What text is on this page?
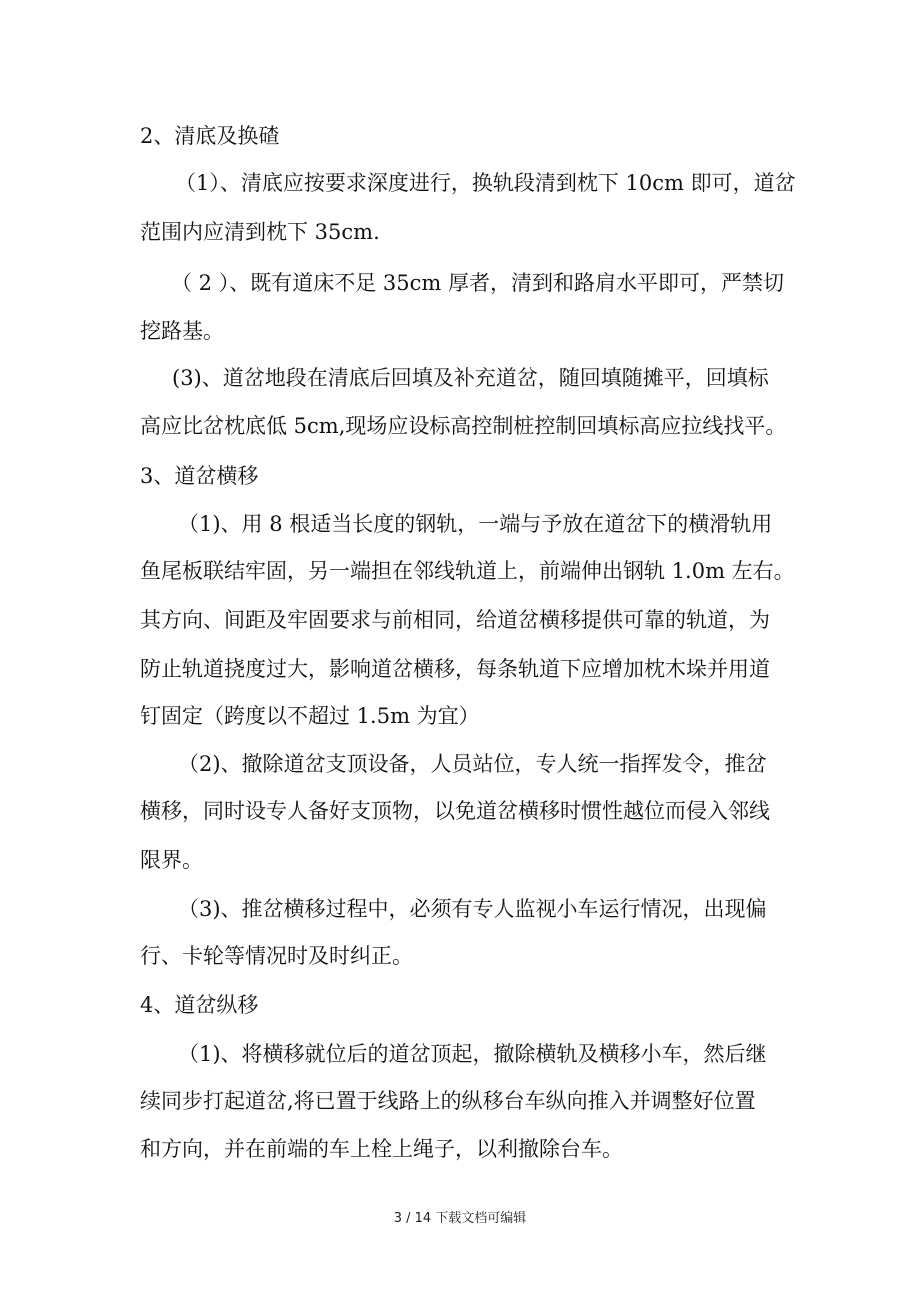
2、清底及换碴
（1）、清底应按要求深度进行，换轨段清到枕下 10cm 即可，道岔
范围内应清到枕下 35cm.
（ 2 ）、既有道床不足 35cm 厚者，清到和路肩水平即可，严禁切
挖路基。
(3)、道岔地段在清底后回填及补充道岔，随回填随摊平，回填标
高应比岔枕底低 5cm,现场应设标高控制桩控制回填标高应拉线找平。
3、道岔横移
（1)、用 8 根适当长度的钢轨，一端与予放在道岔下的横滑轨用
鱼尾板联结牢固，另一端担在邻线轨道上，前端伸出钢轨 1.0m 左右。
其方向、间距及牢固要求与前相同，给道岔横移提供可靠的轨道，为
防止轨道挠度过大，影响道岔横移，每条轨道下应增加枕木垛并用道
钉固定（跨度以不超过 1.5m 为宜）
（2)、撤除道岔支顶设备，人员站位，专人统一指挥发令，推岔
横移，同时设专人备好支顶物，以免道岔横移时惯性越位而侵入邻线
限界。
（3)、推岔横移过程中，必须有专人监视小车运行情况，出现偏
行、卡轮等情况时及时纠正。
4、道岔纵移
（1)、将横移就位后的道岔顶起，撤除横轨及横移小车，然后继
续同步打起道岔,将已置于线路上的纵移台车纵向推入并调整好位置
和方向，并在前端的车上栓上绳子，以利撤除台车。
3 / 14 下载文档可编辑
